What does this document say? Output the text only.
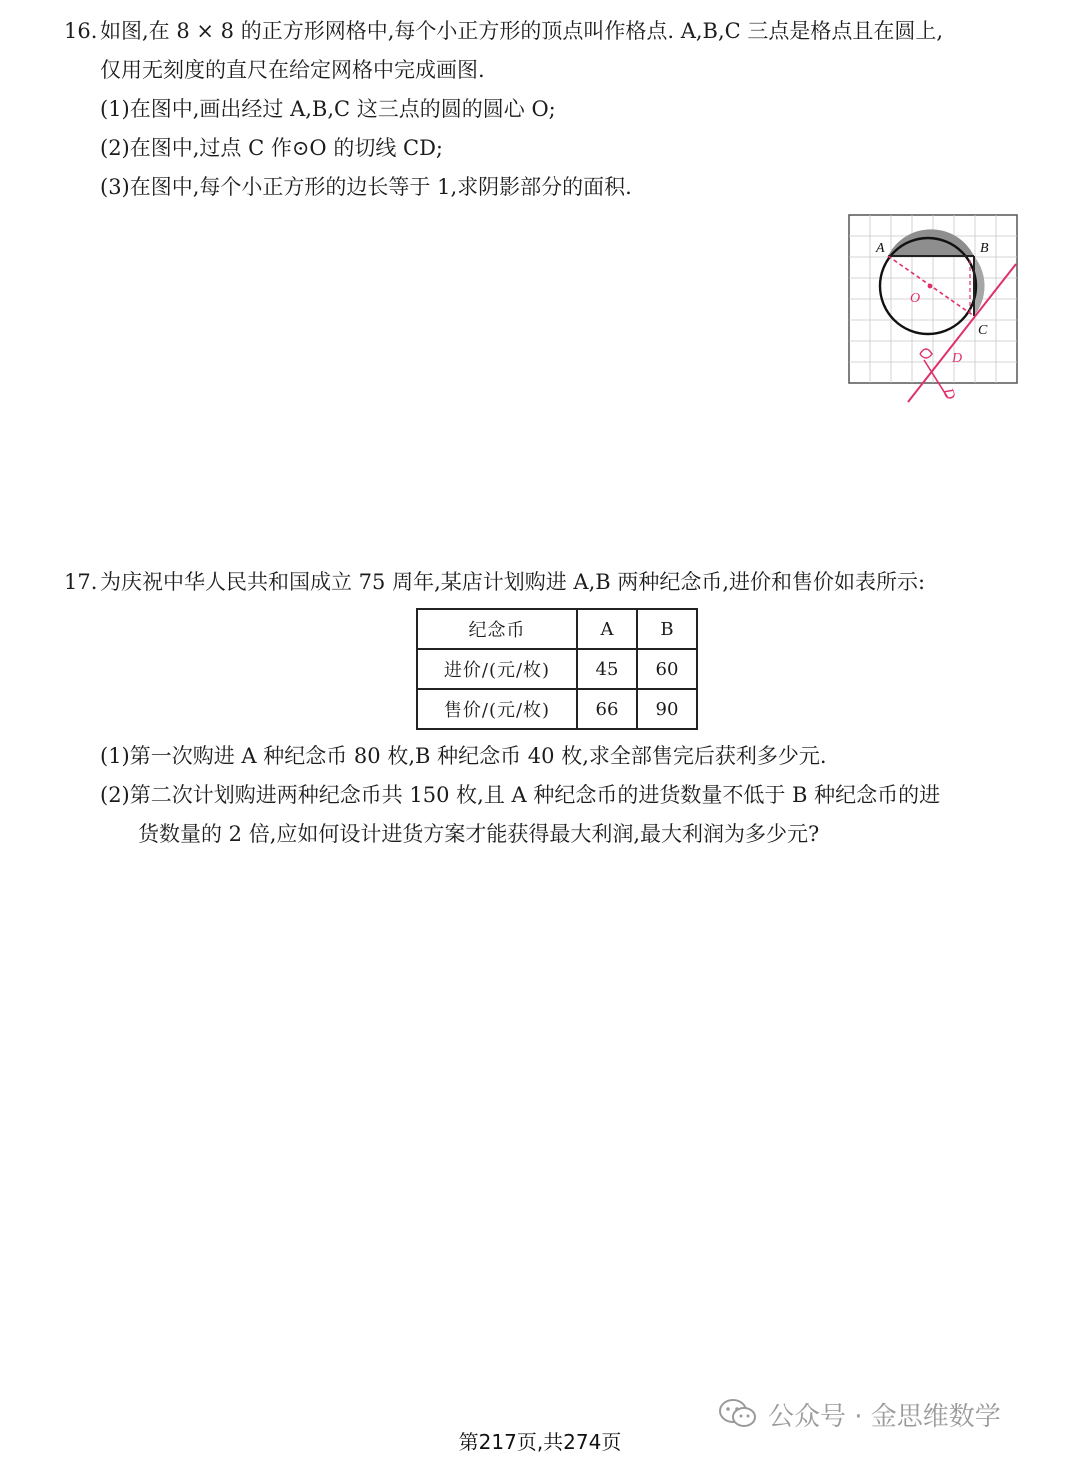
16. 如图,在 8 × 8 的正方形网格中,每个小正方形的顶点叫作格点. A,B,C 三点是格点且在圆上,
仅用无刻度的直尺在给定网格中完成画图.
(1)在图中,画出经过 A,B,C 这三点的圆的圆心 O;
(2)在图中,过点 C 作⊙O 的切线 CD;
(3)在图中,每个小正方形的边长等于 1,求阴影部分的面积.
A	B
C
O
D
D
17. 为庆祝中华人民共和国成立 75 周年,某店计划购进 A,B 两种纪念币,进价和售价如表所示:
纪念币	A	B
进价/(元/枚)	45	60
售价/(元/枚)	66	90
(1)第一次购进 A 种纪念币 80 枚,B 种纪念币 40 枚,求全部售完后获利多少元.
(2)第二次计划购进两种纪念币共 150 枚,且 A 种纪念币的进货数量不低于 B 种纪念币的进
货数量的 2 倍,应如何设计进货方案才能获得最大利润,最大利润为多少元?
公众号 · 金思维数学
第217页,共274页
